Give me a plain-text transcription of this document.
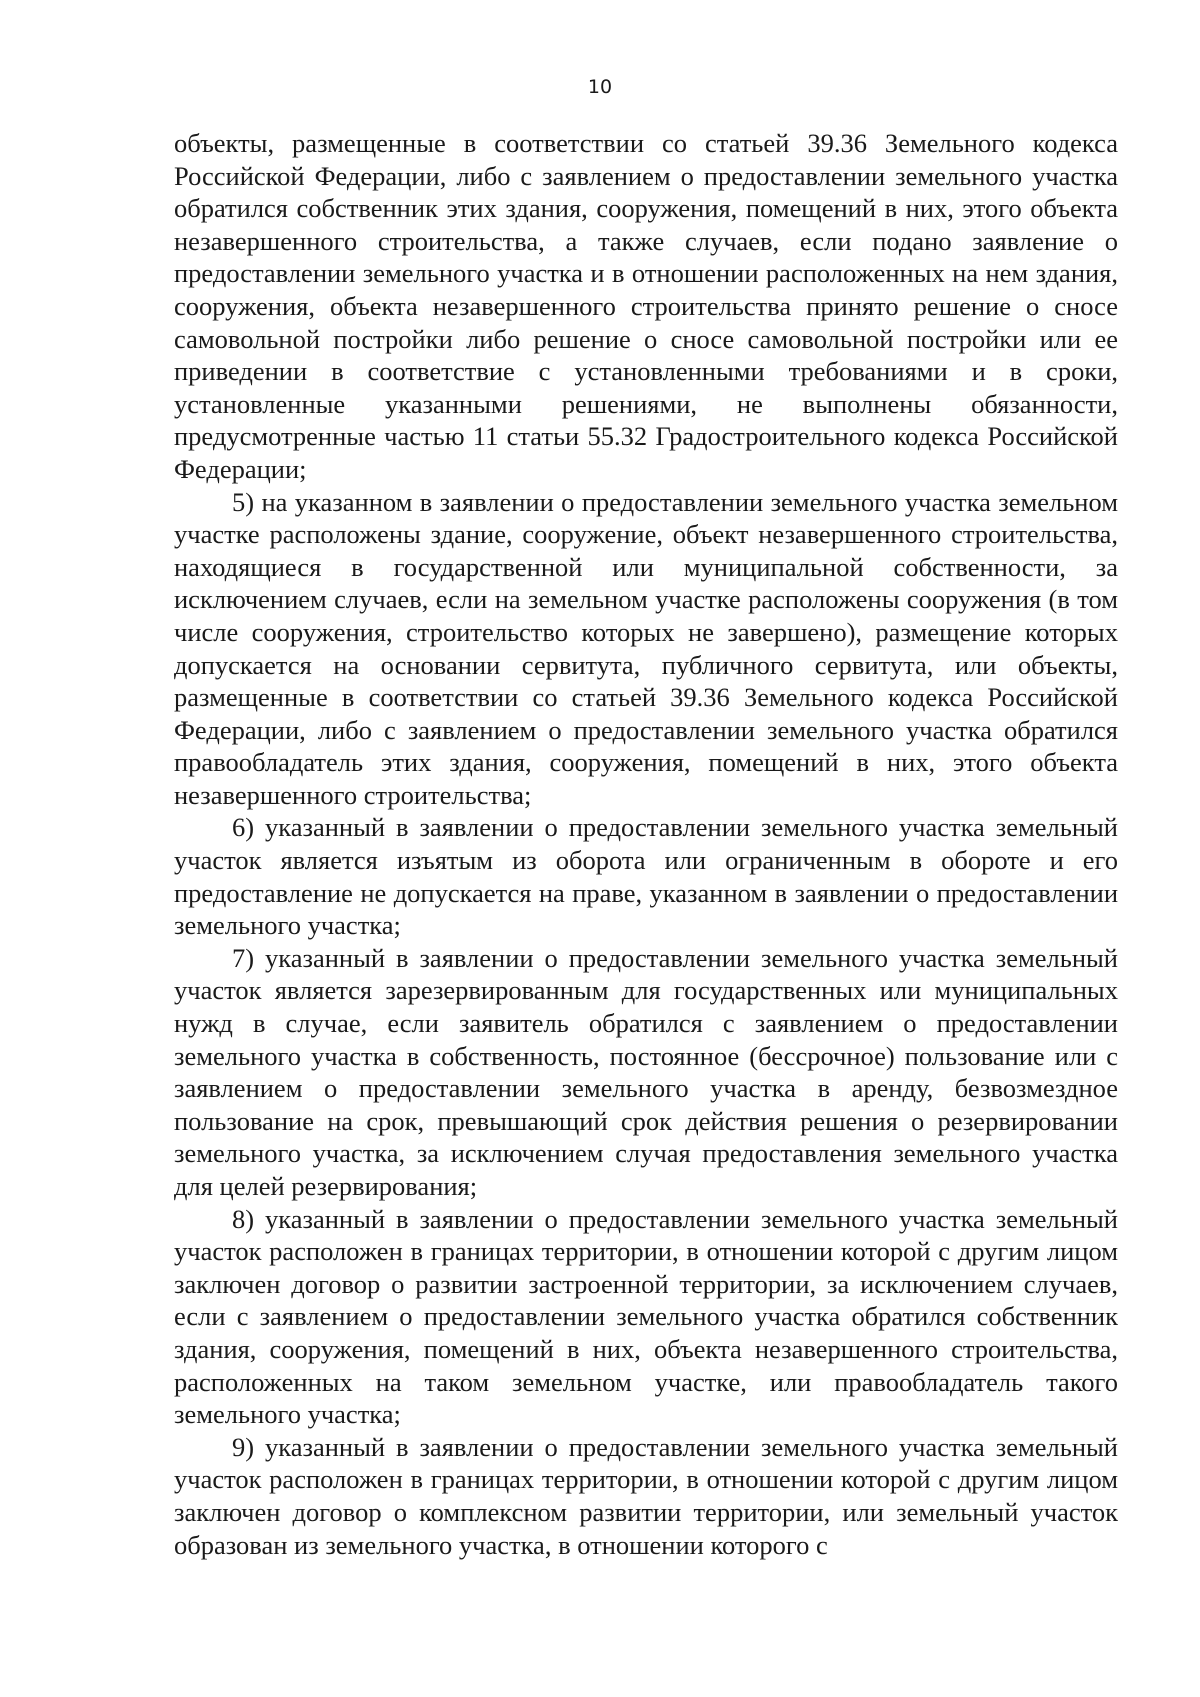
10

объекты, размещенные в соответствии со статьей 39.36 Земельного кодекса Российской Федерации, либо с заявлением о предоставлении земельного участка обратился собственник этих здания, сооружения, помещений в них, этого объекта незавершенного строительства, а также случаев, если подано заявление о предоставлении земельного участка и в отношении расположенных на нем здания, сооружения, объекта незавершенного строительства принято решение о сносе самовольной постройки либо решение о сносе самовольной постройки или ее приведении в соответствие с установленными требованиями и в сроки, установленные указанными решениями, не выполнены обязанности, предусмотренные частью 11 статьи 55.32 Градостроительного кодекса Российской Федерации;

5) на указанном в заявлении о предоставлении земельного участка земельном участке расположены здание, сооружение, объект незавершенного строительства, находящиеся в государственной или муниципальной собственности, за исключением случаев, если на земельном участке расположены сооружения (в том числе сооружения, строительство которых не завершено), размещение которых допускается на основании сервитута, публичного сервитута, или объекты, размещенные в соответствии со статьей 39.36 Земельного кодекса Российской Федерации, либо с заявлением о предоставлении земельного участка обратился правообладатель этих здания, сооружения, помещений в них, этого объекта незавершенного строительства;

6) указанный в заявлении о предоставлении земельного участка земельный участок является изъятым из оборота или ограниченным в обороте и его предоставление не допускается на праве, указанном в заявлении о предоставлении земельного участка;

7) указанный в заявлении о предоставлении земельного участка земельный участок является зарезервированным для государственных или муниципальных нужд в случае, если заявитель обратился с заявлением о предоставлении земельного участка в собственность, постоянное (бессрочное) пользование или с заявлением о предоставлении земельного участка в аренду, безвозмездное пользование на срок, превышающий срок действия решения о резервировании земельного участка, за исключением случая предоставления земельного участка для целей резервирования;

8) указанный в заявлении о предоставлении земельного участка земельный участок расположен в границах территории, в отношении которой с другим лицом заключен договор о развитии застроенной территории, за исключением случаев, если с заявлением о предоставлении земельного участка обратился собственник здания, сооружения, помещений в них, объекта незавершенного строительства, расположенных на таком земельном участке, или правообладатель такого земельного участка;

9) указанный в заявлении о предоставлении земельного участка земельный участок расположен в границах территории, в отношении которой с другим лицом заключен договор о комплексном развитии территории, или земельный участок образован из земельного участка, в отношении которого с
